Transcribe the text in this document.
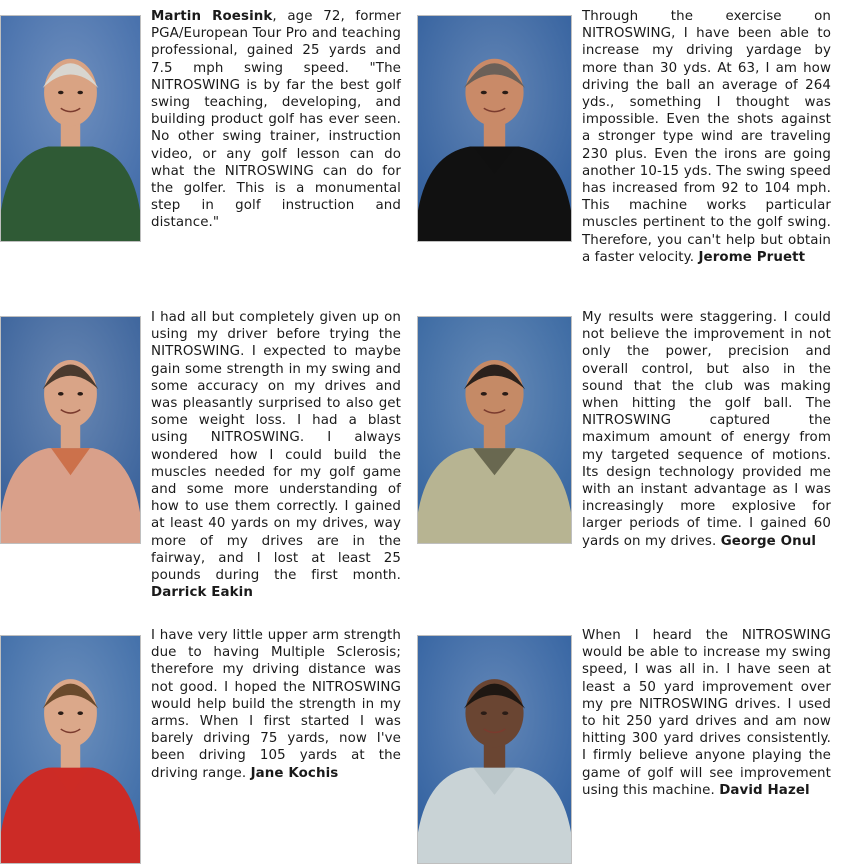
Martin Roesink, age 72, former PGA/European Tour Pro and teaching professional, gained 25 yards and 7.5 mph swing speed. "The NITROSWING is by far the best golf swing teaching, developing, and building product golf has ever seen. No other swing trainer, instruction video, or any golf lesson can do what the NITROSWING can do for the golfer. This is a monumental step in golf instruction and distance."

Through the exercise on NITROSWING, I have been able to increase my driving yardage by more than 30 yds. At 63, I am how driving the ball an average of 264 yds., something I thought was impossible. Even the shots against a stronger type wind are traveling 230 plus. Even the irons are going another 10-15 yds. The swing speed has increased from 92 to 104 mph. This machine works particular muscles pertinent to the golf swing. Therefore, you can't help but obtain a faster velocity. Jerome Pruett

I had all but completely given up on using my driver before trying the NITROSWING. I expected to maybe gain some strength in my swing and some accuracy on my drives and was pleasantly surprised to also get some weight loss. I had a blast using NITROSWING. I always wondered how I could build the muscles needed for my golf game and some more understanding of how to use them correctly. I gained at least 40 yards on my drives, way more of my drives are in the fairway, and I lost at least 25 pounds during the first month. Darrick Eakin

My results were staggering. I could not believe the improvement in not only the power, precision and overall control, but also in the sound that the club was making when hitting the golf ball. The NITROSWING captured the maximum amount of energy from my targeted sequence of motions. Its design technology provided me with an instant advantage as I was increasingly more explosive for larger periods of time. I gained 60 yards on my drives. George Onul

I have very little upper arm strength due to having Multiple Sclerosis; therefore my driving distance was not good. I hoped the NITROSWING would help build the strength in my arms. When I first started I was barely driving 75 yards, now I've been driving 105 yards at the driving range. Jane Kochis

When I heard the NITROSWING would be able to increase my swing speed, I was all in. I have seen at least a 50 yard improvement over my pre NITROSWING drives. I used to hit 250 yard drives and am now hitting 300 yard drives consistently. I firmly believe anyone playing the game of golf will see improvement using this machine. David Hazel
